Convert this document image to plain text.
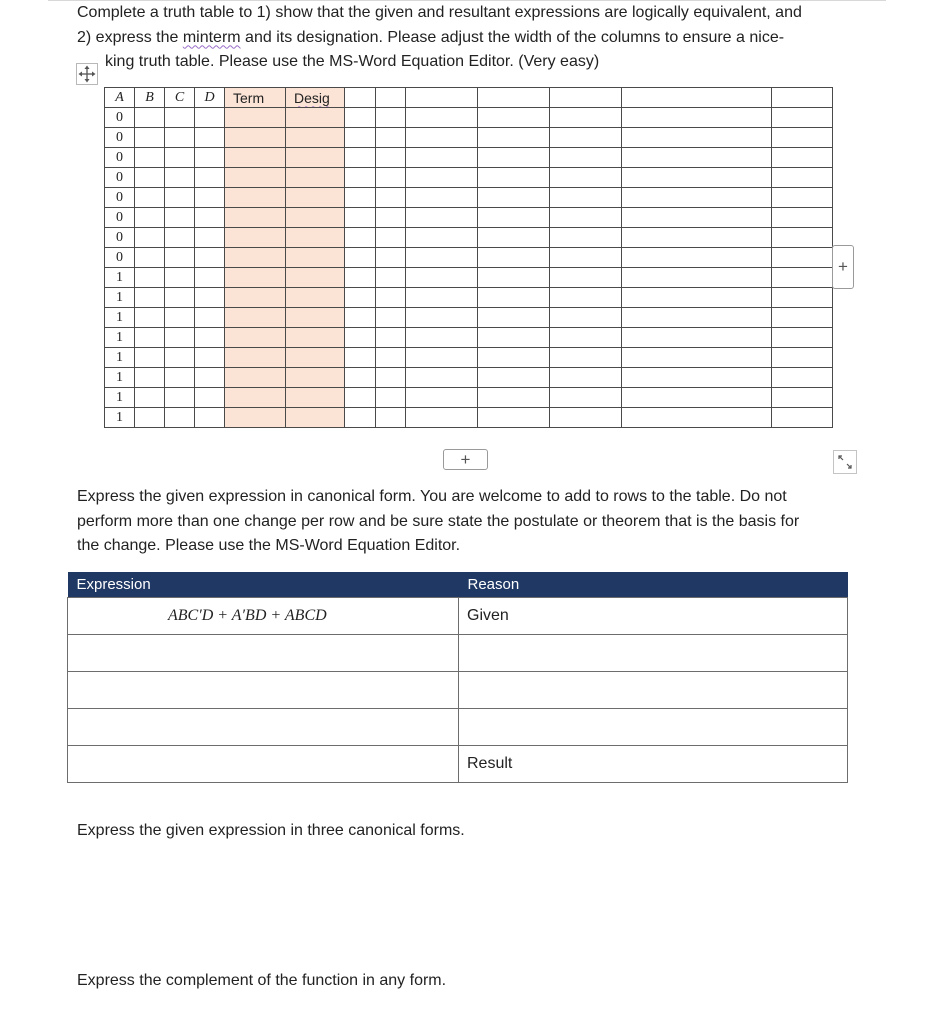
Complete a truth table to 1) show that the given and resultant expressions are logically equivalent, and
2) express the minterm and its designation. Please adjust the width of the columns to ensure a nice-
king truth table. Please use the MS-Word Equation Editor. (Very easy)
A	B	C	D	Term	Desig							
0												
0												
0												
0												
0												
0												
0												
0												
1												
1												
1												
1												
1												
1												
1												
1												
+
+
Express the given expression in canonical form. You are welcome to add to rows to the table. Do not
perform more than one change per row and be sure state the postulate or theorem that is the basis for
the change. Please use the MS-Word Equation Editor.
Expression	Reason
ABC′D + A′BD + ABCD	Given

	Result
Express the given expression in three canonical forms.
Express the complement of the function in any form.
